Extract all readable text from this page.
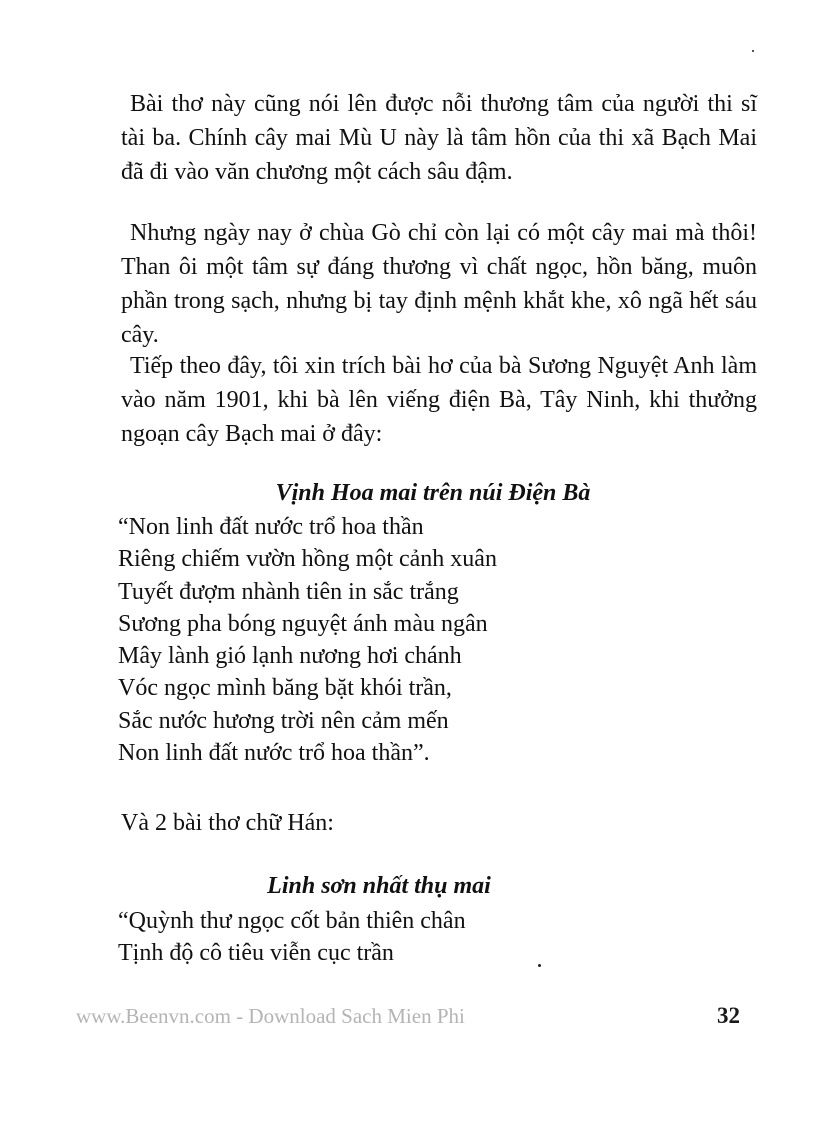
Bài thơ này cũng nói lên được nỗi thương tâm của người thi sĩ tài ba. Chính cây mai Mù U này là tâm hồn của thi xã Bạch Mai đã đi vào văn chương một cách sâu đậm.

Nhưng ngày nay ở chùa Gò chỉ còn lại có một cây mai mà thôi! Than ôi một tâm sự đáng thương vì chất ngọc, hồn băng, muôn phần trong sạch, nhưng bị tay định mệnh khắt khe, xô ngã hết sáu cây.

Tiếp theo đây, tôi xin trích bài hơ của bà Sương Nguyệt Anh làm vào năm 1901, khi bà lên viếng điện Bà, Tây Ninh, khi thưởng ngoạn cây Bạch mai ở đây:

Vịnh Hoa mai trên núi Điện Bà
“Non linh đất nước trổ hoa thần
Riêng chiếm vườn hồng một cảnh xuân
Tuyết đượm nhành tiên in sắc trắng
Sương pha bóng nguyệt ánh màu ngân
Mây lành gió lạnh nương hơi chánh
Vóc ngọc mình băng bặt khói trần,
Sắc nước hương trời nên cảm mến
Non linh đất nước trổ hoa thần”.

Và 2 bài thơ chữ Hán:

Linh sơn nhất thụ mai
“Quỳnh thư ngọc cốt bản thiên chân
Tịnh độ cô tiêu viễn cục trần

www.Beenvn.com - Download Sach Mien Phi	32
